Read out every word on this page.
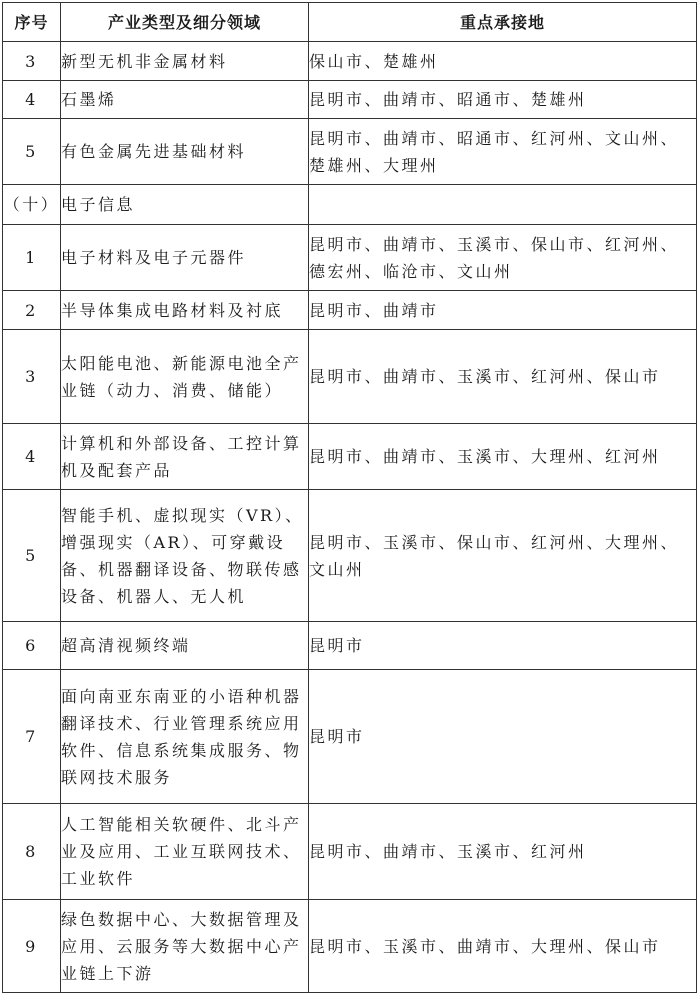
序号	产业类型及细分领域	重点承接地
3	新型无机非金属材料	保山市、楚雄州
4	石墨烯	昆明市、曲靖市、昭通市、楚雄州
5	有色金属先进基础材料	昆明市、曲靖市、昭通市、红河州、文山州、楚雄州、大理州
（十）	电子信息	
1	电子材料及电子元器件	昆明市、曲靖市、玉溪市、保山市、红河州、德宏州、临沧市、文山州
2	半导体集成电路材料及衬底	昆明市、曲靖市
3	太阳能电池、新能源电池全产业链（动力、消费、储能）	昆明市、曲靖市、玉溪市、红河州、保山市
4	计算机和外部设备、工控计算机及配套产品	昆明市、曲靖市、玉溪市、大理州、红河州
5	智能手机、虚拟现实（VR）、增强现实（AR）、可穿戴设备、机器翻译设备、物联传感设备、机器人、无人机	昆明市、玉溪市、保山市、红河州、大理州、文山州
6	超高清视频终端	昆明市
7	面向南亚东南亚的小语种机器翻译技术、行业管理系统应用软件、信息系统集成服务、物联网技术服务	昆明市
8	人工智能相关软硬件、北斗产业及应用、工业互联网技术、工业软件	昆明市、曲靖市、玉溪市、红河州
9	绿色数据中心、大数据管理及应用、云服务等大数据中心产业链上下游	昆明市、玉溪市、曲靖市、大理州、保山市
